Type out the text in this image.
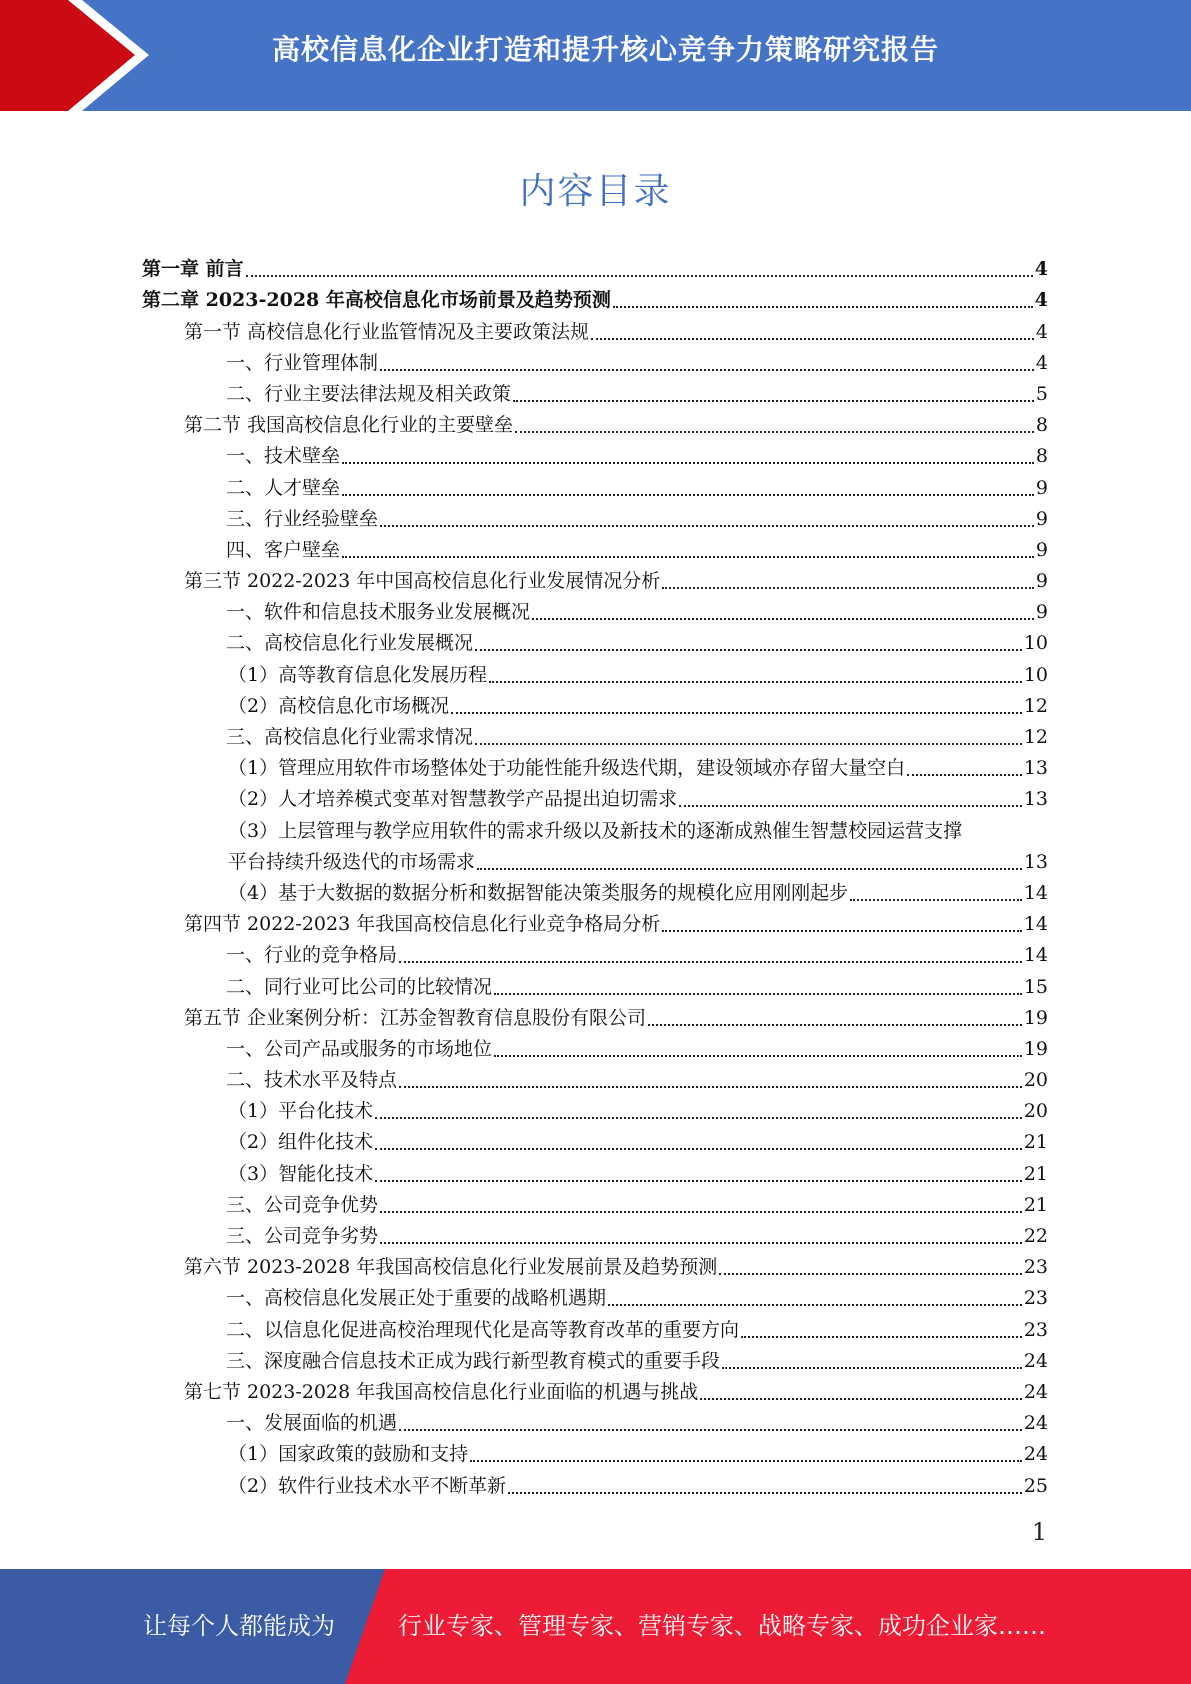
高校信息化企业打造和提升核心竞争力策略研究报告
内容目录
第一章 前言	4
第二章 2023-2028 年高校信息化市场前景及趋势预测	4
第一节 高校信息化行业监管情况及主要政策法规	4
一、行业管理体制	4
二、行业主要法律法规及相关政策	5
第二节 我国高校信息化行业的主要壁垒	8
一、技术壁垒	8
二、人才壁垒	9
三、行业经验壁垒	9
四、客户壁垒	9
第三节 2022-2023 年中国高校信息化行业发展情况分析	9
一、软件和信息技术服务业发展概况	9
二、高校信息化行业发展概况	10
（1）高等教育信息化发展历程	10
（2）高校信息化市场概况	12
三、高校信息化行业需求情况	12
（1）管理应用软件市场整体处于功能性能升级迭代期，建设领域亦存留大量空白	13
（2）人才培养模式变革对智慧教学产品提出迫切需求	13
（3）上层管理与教学应用软件的需求升级以及新技术的逐渐成熟催生智慧校园运营支撑
平台持续升级迭代的市场需求	13
（4）基于大数据的数据分析和数据智能决策类服务的规模化应用刚刚起步	14
第四节 2022-2023 年我国高校信息化行业竞争格局分析	14
一、行业的竞争格局	14
二、同行业可比公司的比较情况	15
第五节 企业案例分析：江苏金智教育信息股份有限公司	19
一、公司产品或服务的市场地位	19
二、技术水平及特点	20
（1）平台化技术	20
（2）组件化技术	21
（3）智能化技术	21
三、公司竞争优势	21
三、公司竞争劣势	22
第六节 2023-2028 年我国高校信息化行业发展前景及趋势预测	23
一、高校信息化发展正处于重要的战略机遇期	23
二、以信息化促进高校治理现代化是高等教育改革的重要方向	23
三、深度融合信息技术正成为践行新型教育模式的重要手段	24
第七节 2023-2028 年我国高校信息化行业面临的机遇与挑战	24
一、发展面临的机遇	24
（1）国家政策的鼓励和支持	24
（2）软件行业技术水平不断革新	25
1
让每个人都能成为	行业专家、管理专家、营销专家、战略专家、成功企业家……
